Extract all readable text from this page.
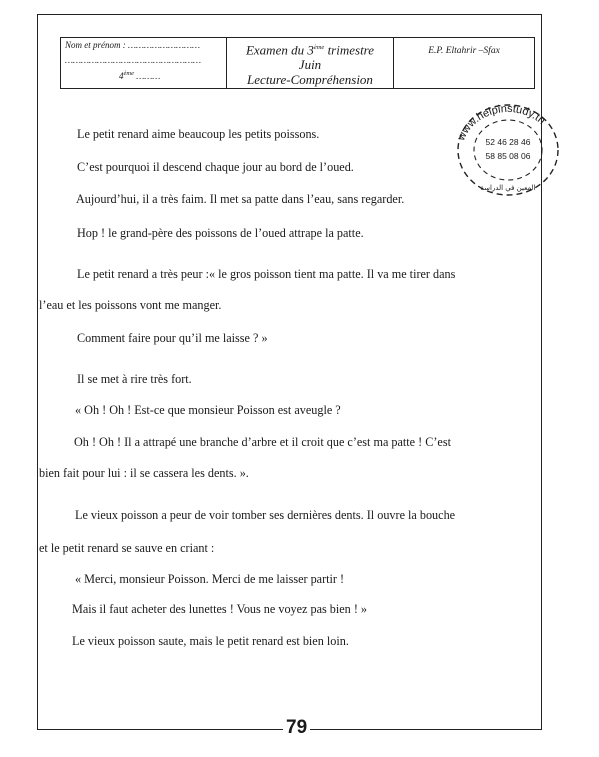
Nom et prénom : ………………………
……………………………………………
4ème ………
Examen du 3ème trimestre
Juin
Lecture-Compréhension
E.P. Eltahrir –Sfax
www.helpinstudy.tn
52 46 28 46
58 85 08 06
المعين في الدراسة
Le petit renard aime beaucoup les petits poissons.
C’est pourquoi il descend chaque jour au bord de l’oued.
Aujourd’hui, il a très faim. Il met sa patte dans l’eau, sans regarder.
Hop ! le grand-père des poissons de l’oued attrape la patte.
Le petit renard a très peur :« le gros poisson tient ma patte. Il va me tirer dans
l’eau et les poissons vont me manger.
Comment faire pour qu’il me laisse ? »
Il se met à rire très fort.
« Oh ! Oh ! Est-ce que monsieur Poisson est aveugle ?
Oh ! Oh ! Il a attrapé une branche d’arbre et il croit que c’est ma patte ! C’est
bien fait pour lui : il se cassera les dents. ».
Le vieux poisson a peur de voir tomber ses dernières dents. Il ouvre la bouche
et le petit renard se sauve en criant :
« Merci, monsieur Poisson. Merci de me laisser partir !
Mais il faut acheter des lunettes ! Vous ne voyez pas bien ! »
Le vieux poisson saute, mais le petit renard est bien loin.
79
